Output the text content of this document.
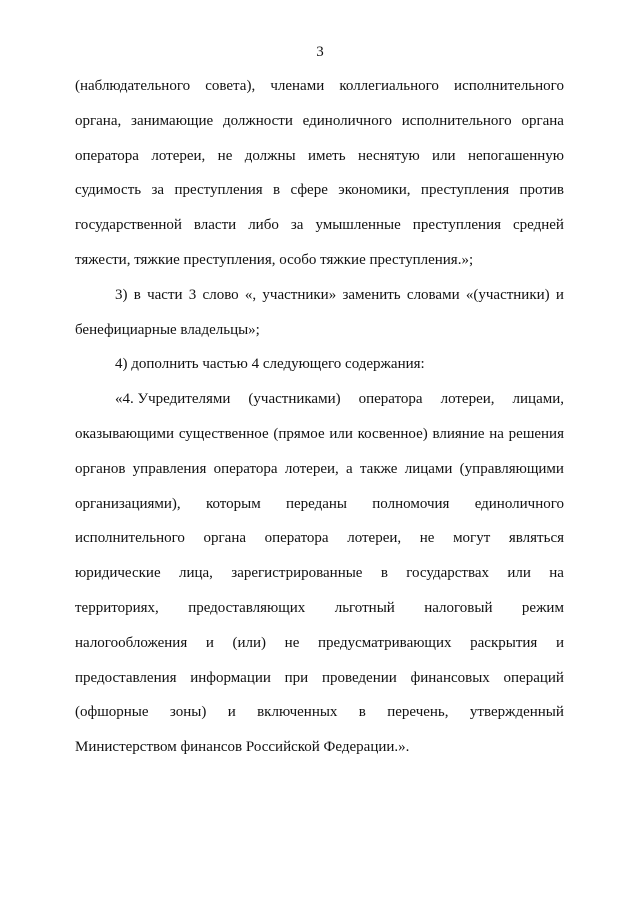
3
(наблюдательного совета), членами коллегиального исполнительного
органа, занимающие должности единоличного исполнительного органа
оператора лотереи, не должны иметь неснятую или непогашенную
судимость за преступления в сфере экономики, преступления против
государственной власти либо за умышленные преступления средней
тяжести, тяжкие преступления, особо тяжкие преступления.»;
3) в части 3 слово «, участники» заменить словами «(участники) и
бенефициарные владельцы»;
4) дополнить частью 4 следующего содержания:
«4. Учредителями (участниками) оператора лотереи, лицами,
оказывающими существенное (прямое или косвенное) влияние на решения
органов управления оператора лотереи, а также лицами (управляющими
организациями), которым переданы полномочия единоличного
исполнительного органа оператора лотереи, не могут являться
юридические лица, зарегистрированные в государствах или на
территориях, предоставляющих льготный налоговый режим
налогообложения и (или) не предусматривающих раскрытия и
предоставления информации при проведении финансовых операций
(офшорные зоны) и включенных в перечень, утвержденный
Министерством финансов Российской Федерации.».
